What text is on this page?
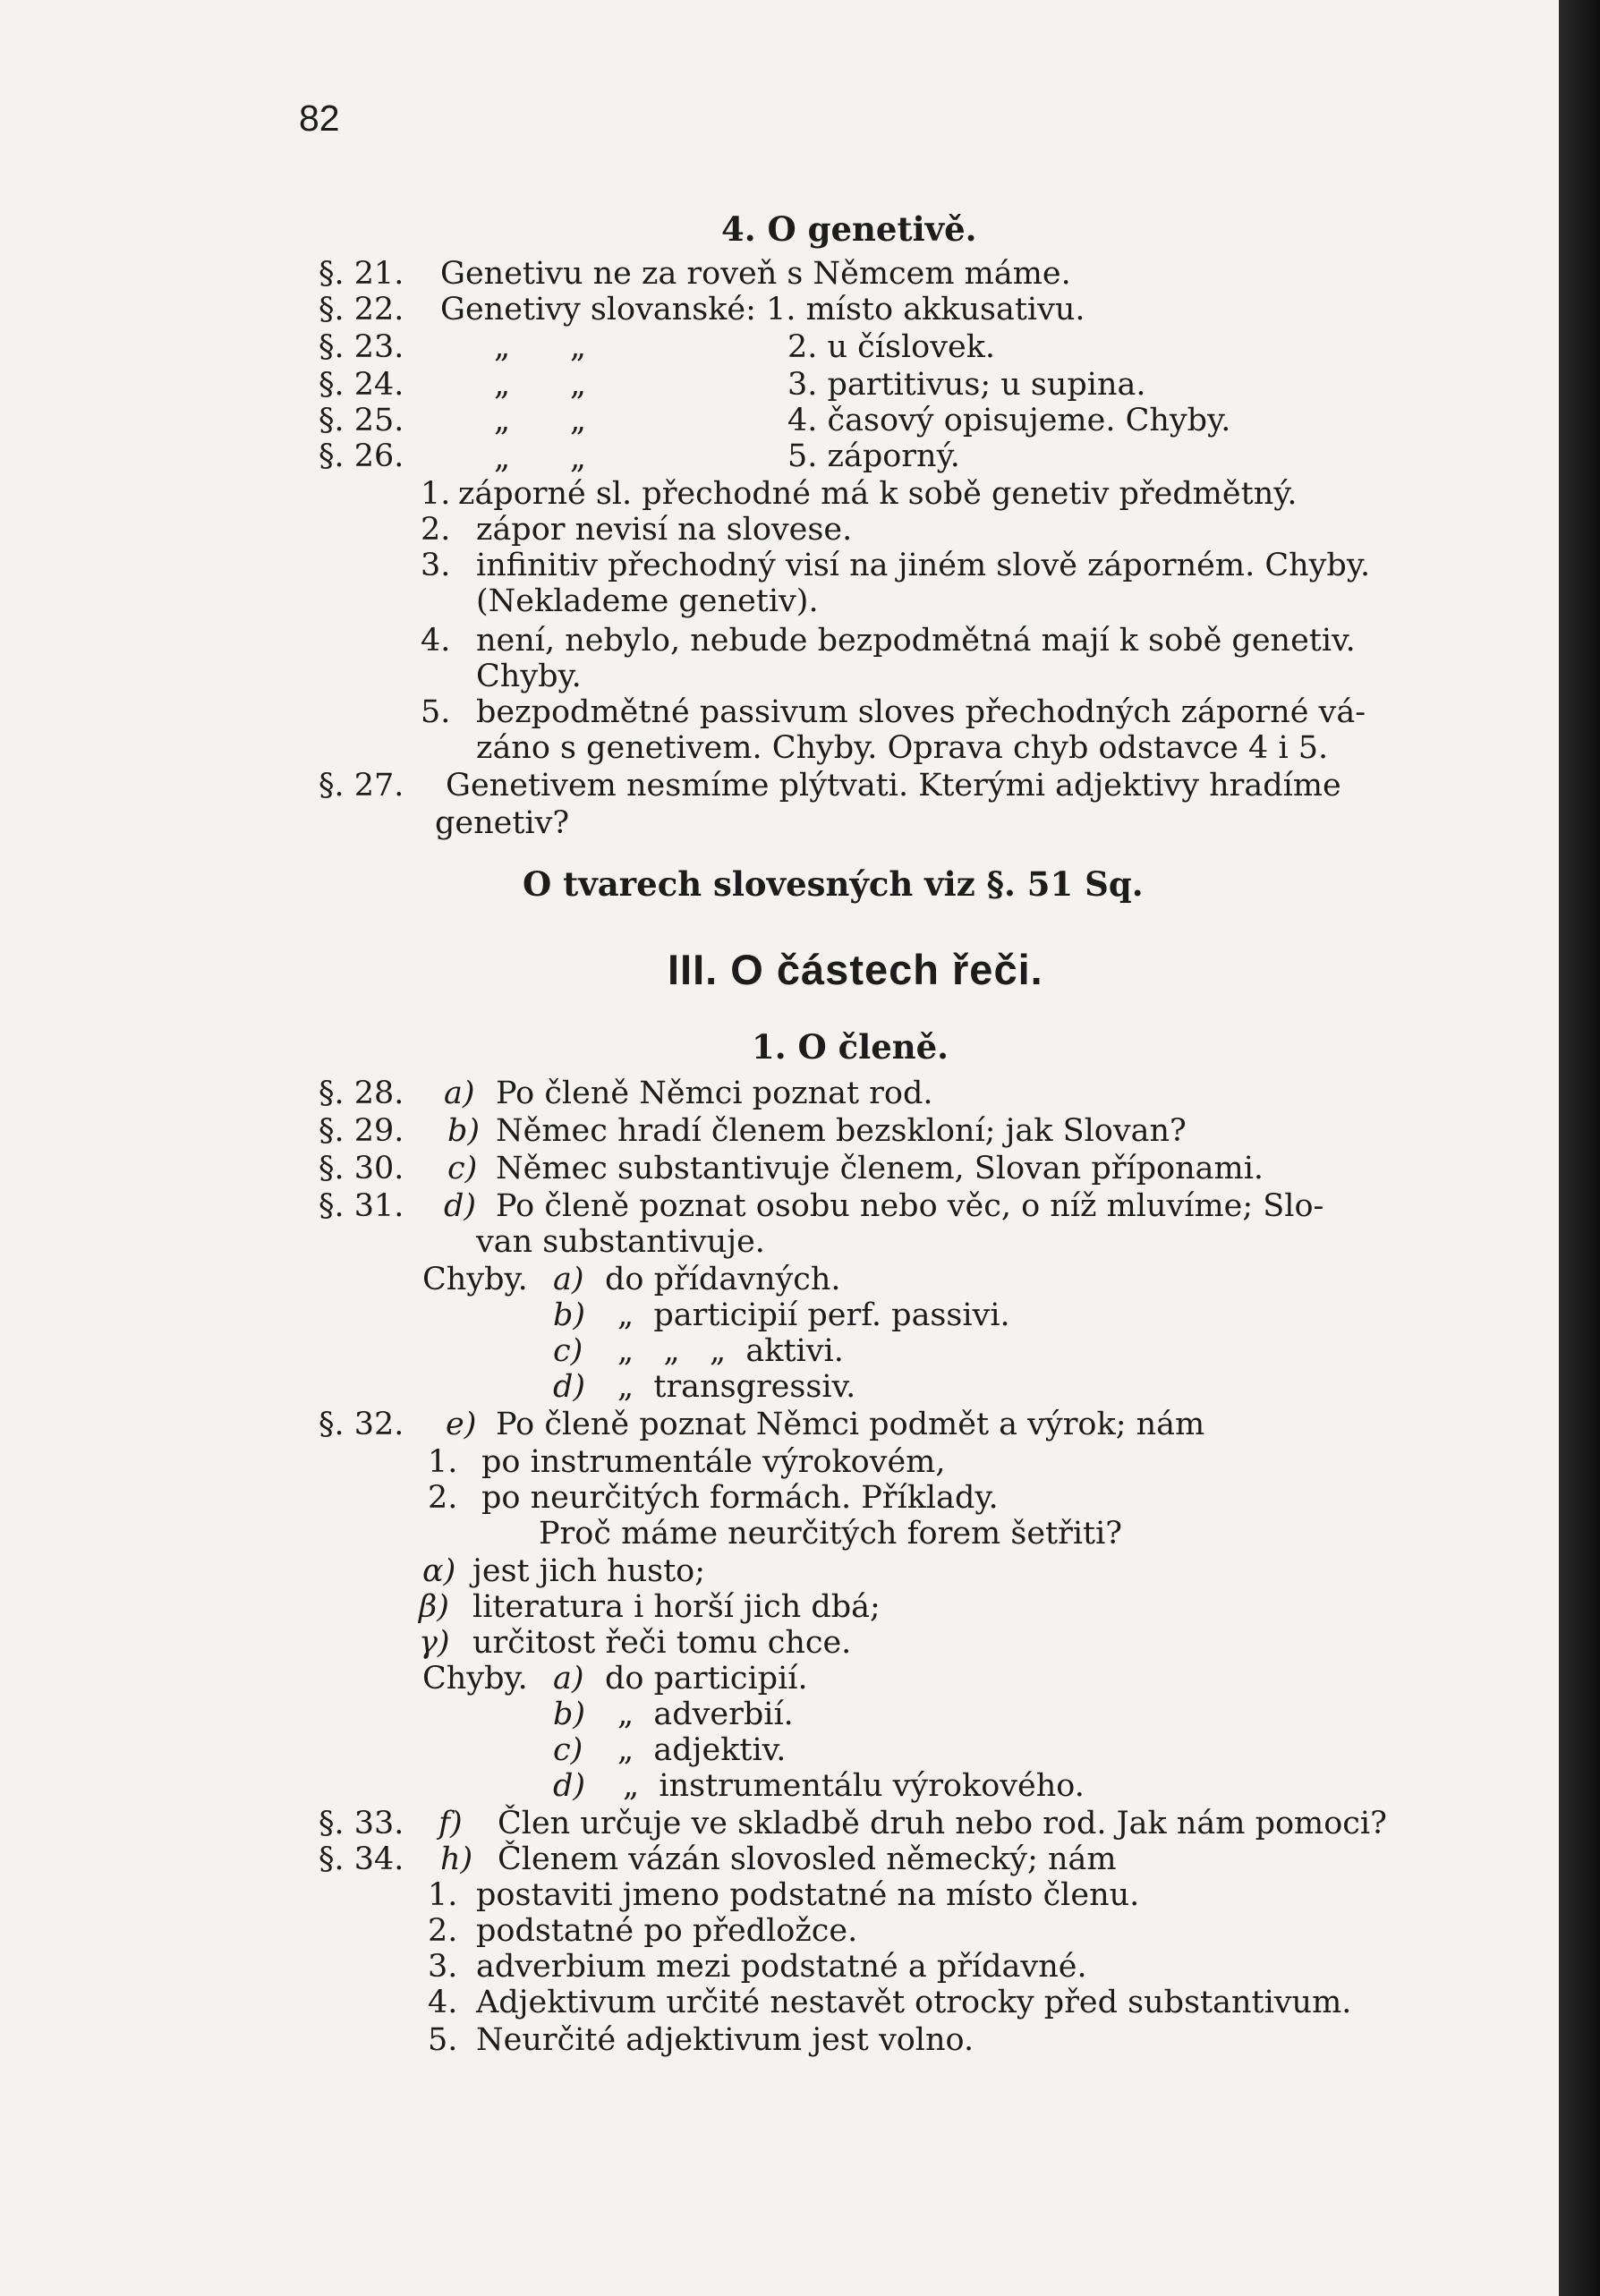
82
4. O genetivě.
§. 21. Genetivu ne za roveň s Němcem máme.
§. 22. Genetivy slovanské: 1. místo akkusativu.
§. 23.	„      „	2. u číslovek.
§. 24.	„      „	3. partitivus; u supina.
§. 25.	„      „	4. časový opisujeme. Chyby.
§. 26.	„      „	5. záporný.
1. záporné sl. přechodné má k sobě genetiv předmětný.
2. zápor nevisí na slovese.
3. infinitiv přechodný visí na jiném slově záporném. Chyby.
(Neklademe genetiv).
4. není, nebylo, nebude bezpodmětná mají k sobě genetiv.
Chyby.
5. bezpodmětné passivum sloves přechodných záporné vá-
záno s genetivem. Chyby. Oprava chyb odstavce 4 i 5.
§. 27. Genetivem nesmíme plýtvati. Kterými adjektivy hradíme
genetiv?
O tvarech slovesných viz §. 51 Sq.
III. O částech řeči.
1. O členě.
§. 28. a) Po členě Němci poznat rod.
§. 29. b) Němec hradí členem bezskloní; jak Slovan?
§. 30. c) Němec substantivuje členem, Slovan příponami.
§. 31. d) Po členě poznat osobu nebo věc, o níž mluvíme; Slo-
van substantivuje.
Chyby. a) do přídavných.
b) „  participií perf. passivi.
c) „   „   „  aktivi.
d) „  transgressiv.
§. 32. e) Po členě poznat Němci podmět a výrok; nám
1. po instrumentále výrokovém,
2. po neurčitých formách. Příklady.
Proč máme neurčitých forem šetřiti?
α) jest jich husto;
β) literatura i horší jich dbá;
γ) určitost řeči tomu chce.
Chyby. a) do participií.
b) „  adverbií.
c) „  adjektiv.
d) „  instrumentálu výrokového.
§. 33. f) Člen určuje ve skladbě druh nebo rod. Jak nám pomoci?
§. 34. h) Členem vázán slovosled německý; nám
1. postaviti jmeno podstatné na místo členu.
2. podstatné po předložce.
3. adverbium mezi podstatné a přídavné.
4. Adjektivum určité nestavět otrocky před substantivum.
5. Neurčité adjektivum jest volno.
